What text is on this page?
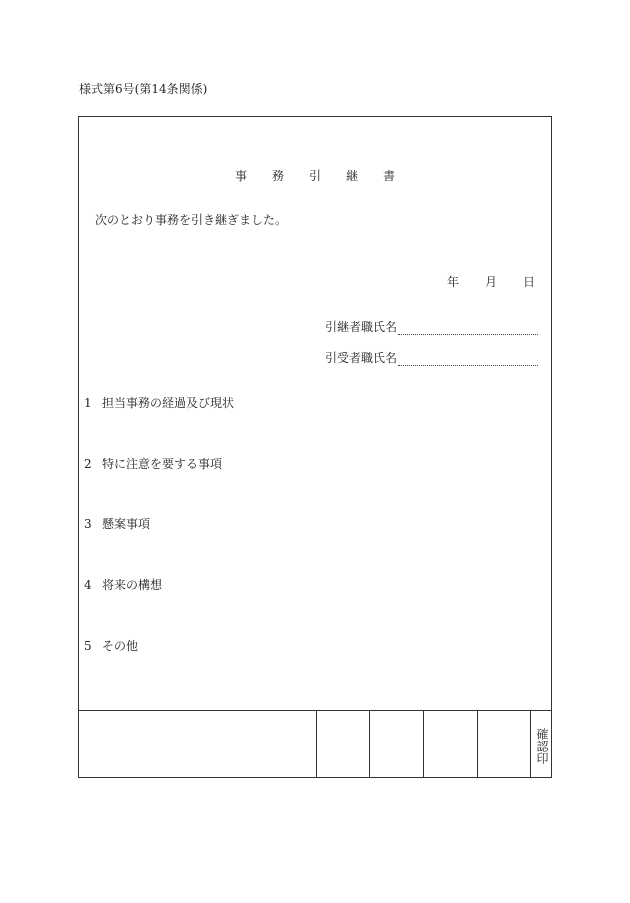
様式第6号(第14条関係)
事務引継書
次のとおり事務を引き継ぎました。
年 月 日
引継者職氏名
引受者職氏名
1 担当事務の経過及び現状
2 特に注意を要する事項
3 懸案事項
4 将来の構想
5 その他
確認印
